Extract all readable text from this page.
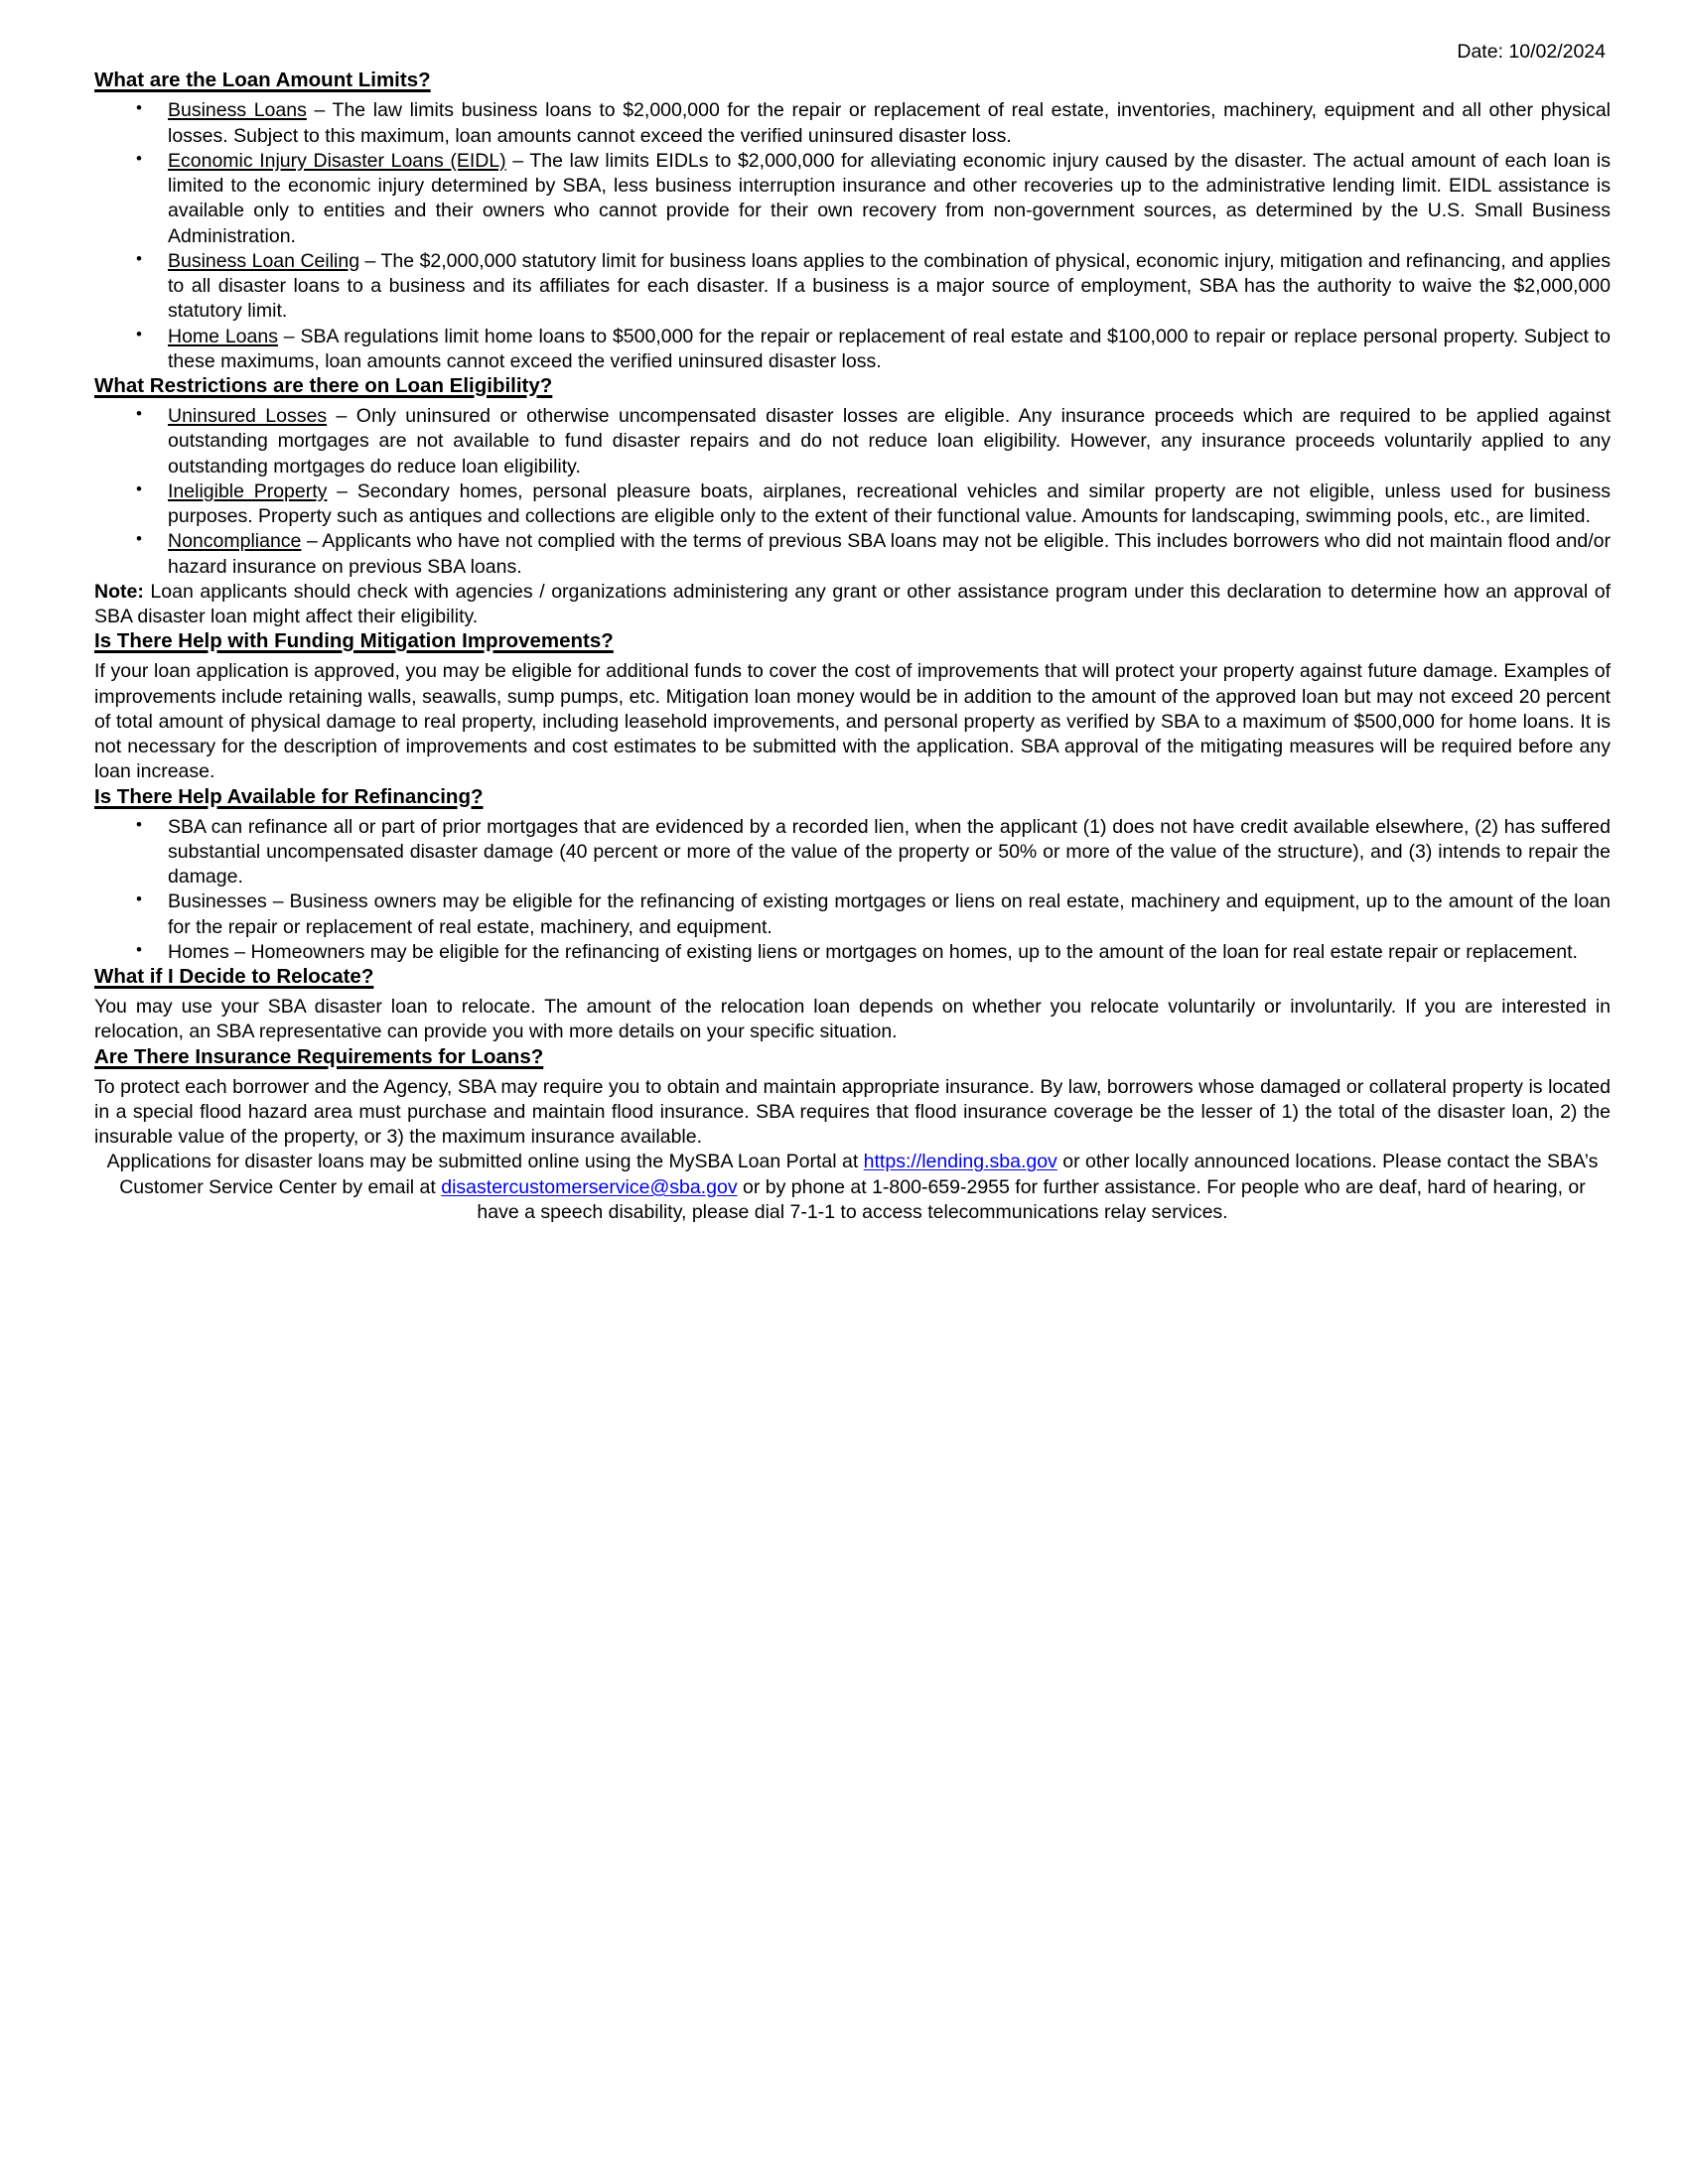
Date: 10/02/2024
What are the Loan Amount Limits?
• Business Loans – The law limits business loans to $2,000,000 for the repair or replacement of real estate, inventories, machinery, equipment and all other physical losses. Subject to this maximum, loan amounts cannot exceed the verified uninsured disaster loss.
• Economic Injury Disaster Loans (EIDL) – The law limits EIDLs to $2,000,000 for alleviating economic injury caused by the disaster. The actual amount of each loan is limited to the economic injury determined by SBA, less business interruption insurance and other recoveries up to the administrative lending limit. EIDL assistance is available only to entities and their owners who cannot provide for their own recovery from non-government sources, as determined by the U.S. Small Business Administration.
• Business Loan Ceiling – The $2,000,000 statutory limit for business loans applies to the combination of physical, economic injury, mitigation and refinancing, and applies to all disaster loans to a business and its affiliates for each disaster. If a business is a major source of employment, SBA has the authority to waive the $2,000,000 statutory limit.
• Home Loans – SBA regulations limit home loans to $500,000 for the repair or replacement of real estate and $100,000 to repair or replace personal property. Subject to these maximums, loan amounts cannot exceed the verified uninsured disaster loss.
What Restrictions are there on Loan Eligibility?
• Uninsured Losses – Only uninsured or otherwise uncompensated disaster losses are eligible. Any insurance proceeds which are required to be applied against outstanding mortgages are not available to fund disaster repairs and do not reduce loan eligibility. However, any insurance proceeds voluntarily applied to any outstanding mortgages do reduce loan eligibility.
• Ineligible Property – Secondary homes, personal pleasure boats, airplanes, recreational vehicles and similar property are not eligible, unless used for business purposes. Property such as antiques and collections are eligible only to the extent of their functional value. Amounts for landscaping, swimming pools, etc., are limited.
• Noncompliance – Applicants who have not complied with the terms of previous SBA loans may not be eligible. This includes borrowers who did not maintain flood and/or hazard insurance on previous SBA loans.

Note: Loan applicants should check with agencies / organizations administering any grant or other assistance program under this declaration to determine how an approval of SBA disaster loan might affect their eligibility.

Is There Help with Funding Mitigation Improvements?

If your loan application is approved, you may be eligible for additional funds to cover the cost of improvements that will protect your property against future damage. Examples of improvements include retaining walls, seawalls, sump pumps, etc. Mitigation loan money would be in addition to the amount of the approved loan but may not exceed 20 percent of total amount of physical damage to real property, including leasehold improvements, and personal property as verified by SBA to a maximum of $500,000 for home loans. It is not necessary for the description of improvements and cost estimates to be submitted with the application. SBA approval of the mitigating measures will be required before any loan increase.

Is There Help Available for Refinancing?
• SBA can refinance all or part of prior mortgages that are evidenced by a recorded lien, when the applicant (1) does not have credit available elsewhere, (2) has suffered substantial uncompensated disaster damage (40 percent or more of the value of the property or 50% or more of the value of the structure), and (3) intends to repair the damage.
• Businesses – Business owners may be eligible for the refinancing of existing mortgages or liens on real estate, machinery and equipment, up to the amount of the loan for the repair or replacement of real estate, machinery, and equipment.
• Homes – Homeowners may be eligible for the refinancing of existing liens or mortgages on homes, up to the amount of the loan for real estate repair or replacement.
What if I Decide to Relocate?

You may use your SBA disaster loan to relocate. The amount of the relocation loan depends on whether you relocate voluntarily or involuntarily. If you are interested in relocation, an SBA representative can provide you with more details on your specific situation.

Are There Insurance Requirements for Loans?

To protect each borrower and the Agency, SBA may require you to obtain and maintain appropriate insurance. By law, borrowers whose damaged or collateral property is located in a special flood hazard area must purchase and maintain flood insurance. SBA requires that flood insurance coverage be the lesser of 1) the total of the disaster loan, 2) the insurable value of the property, or 3) the maximum insurance available.

Applications for disaster loans may be submitted online using the MySBA Loan Portal at https://lending.sba.gov or other locally announced locations. Please contact the SBA’s Customer Service Center by email at disastercustomerservice@sba.gov or by phone at 1-800-659-2955 for further assistance. For people who are deaf, hard of hearing, or have a speech disability, please dial 7-1-1 to access telecommunications relay services.
